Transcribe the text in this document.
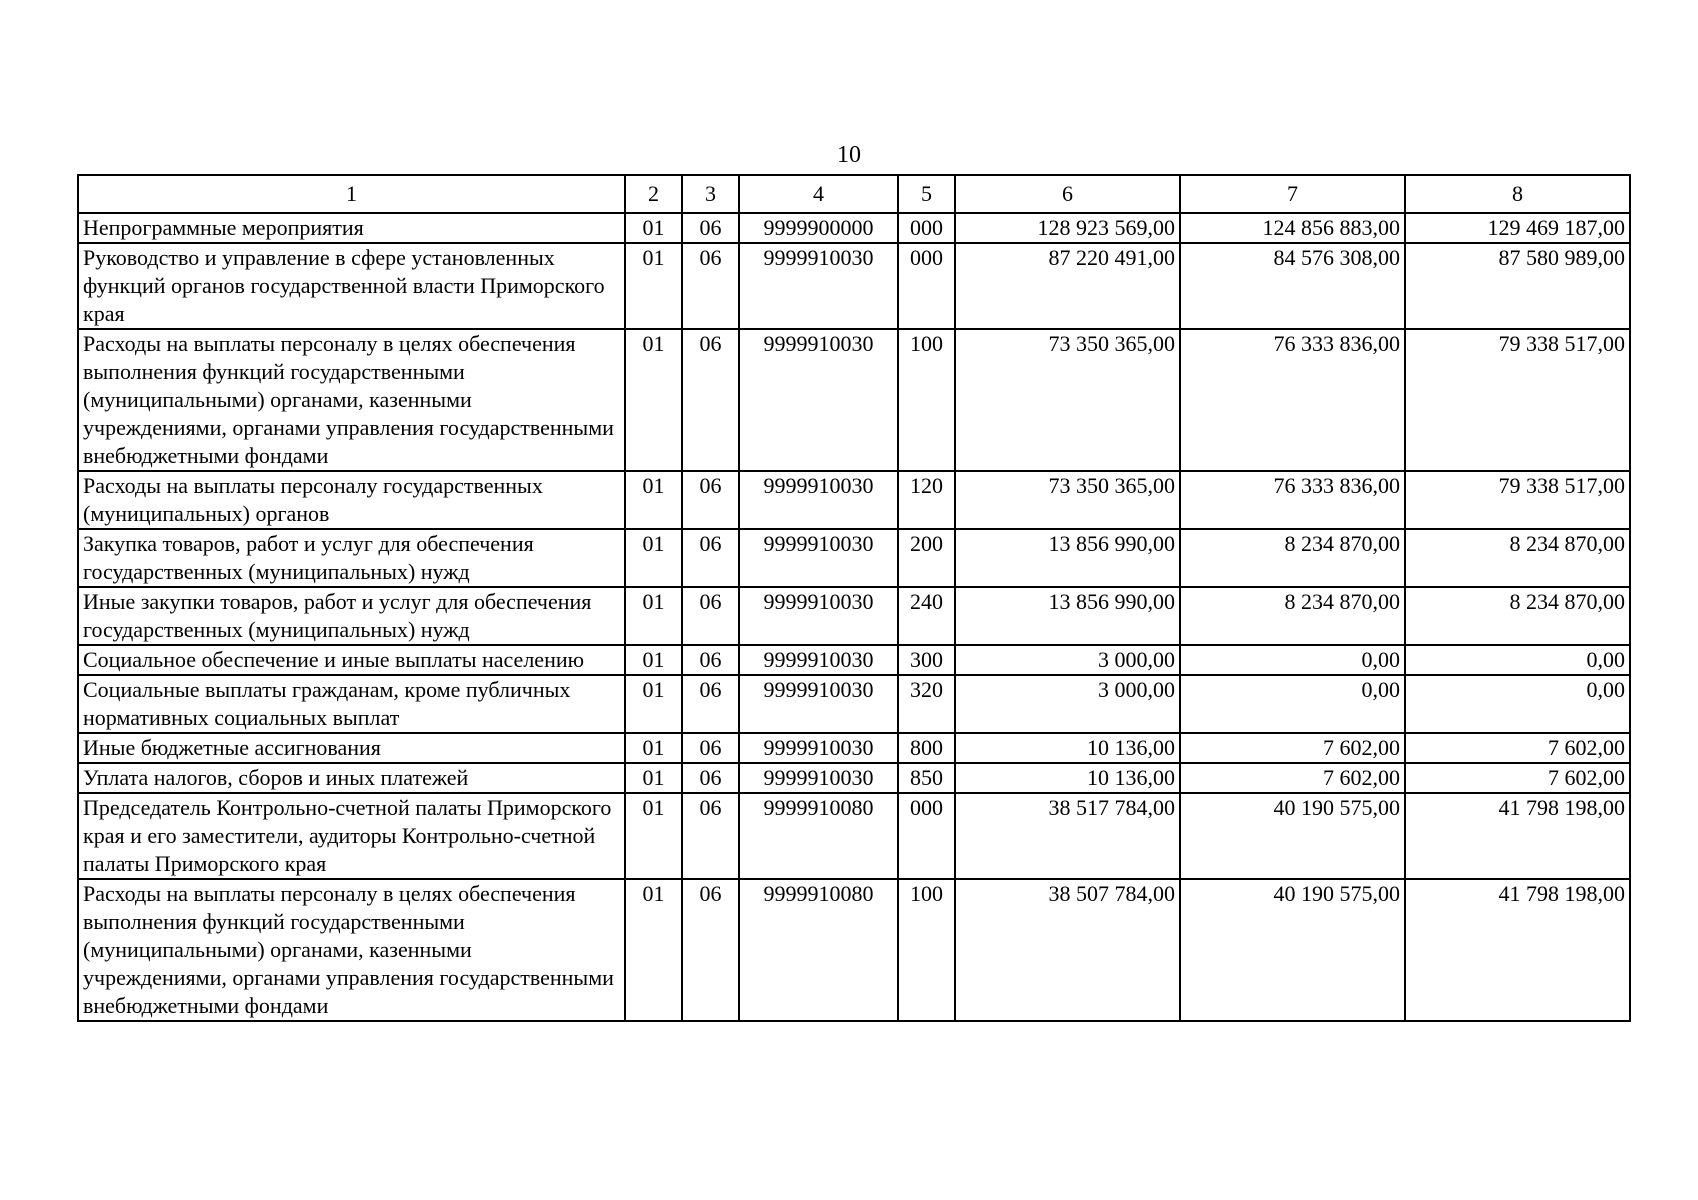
10
1	2	3	4	5	6	7	8
Непрограммные мероприятия	01	06	9999900000	000	128 923 569,00	124 856 883,00	129 469 187,00
Руководство и управление в сфере установленных функций органов государственной власти Приморского края	01	06	9999910030	000	87 220 491,00	84 576 308,00	87 580 989,00
Расходы на выплаты персоналу в целях обеспечения выполнения функций государственными (муниципальными) органами, казенными учреждениями, органами управления государственными внебюджетными фондами	01	06	9999910030	100	73 350 365,00	76 333 836,00	79 338 517,00
Расходы на выплаты персоналу государственных (муниципальных) органов	01	06	9999910030	120	73 350 365,00	76 333 836,00	79 338 517,00
Закупка товаров, работ и услуг для обеспечения государственных (муниципальных) нужд	01	06	9999910030	200	13 856 990,00	8 234 870,00	8 234 870,00
Иные закупки товаров, работ и услуг для обеспечения государственных (муниципальных) нужд	01	06	9999910030	240	13 856 990,00	8 234 870,00	8 234 870,00
Социальное обеспечение и иные выплаты населению	01	06	9999910030	300	3 000,00	0,00	0,00
Социальные выплаты гражданам, кроме публичных нормативных социальных выплат	01	06	9999910030	320	3 000,00	0,00	0,00
Иные бюджетные ассигнования	01	06	9999910030	800	10 136,00	7 602,00	7 602,00
Уплата налогов, сборов и иных платежей	01	06	9999910030	850	10 136,00	7 602,00	7 602,00
Председатель Контрольно-счетной палаты Приморского края и его заместители, аудиторы Контрольно-счетной палаты Приморского края	01	06	9999910080	000	38 517 784,00	40 190 575,00	41 798 198,00
Расходы на выплаты персоналу в целях обеспечения выполнения функций государственными (муниципальными) органами, казенными учреждениями, органами управления государственными внебюджетными фондами	01	06	9999910080	100	38 507 784,00	40 190 575,00	41 798 198,00
